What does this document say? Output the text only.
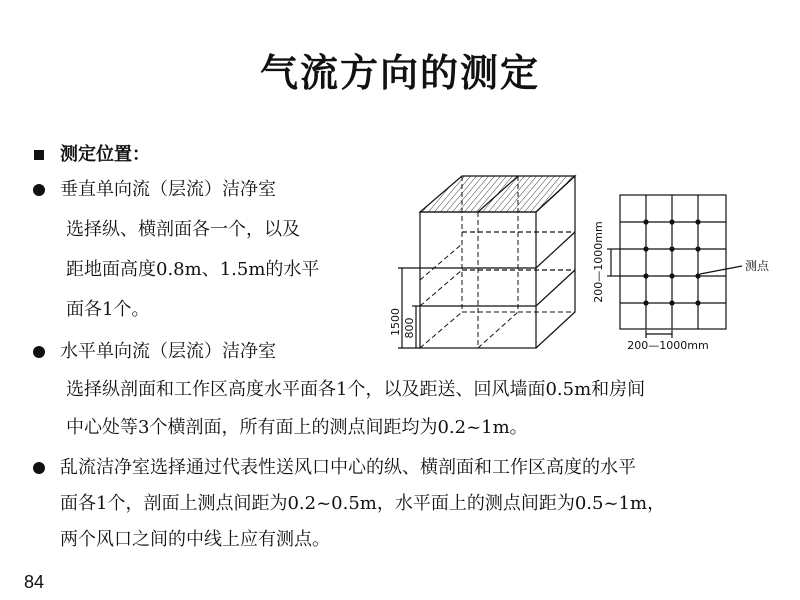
气流方向的测定
测定位置：
垂直单向流（层流）洁净室
选择纵、横剖面各一个，以及
距地面高度0.8m、1.5m的水平
面各1个。
水平单向流（层流）洁净室
选择纵剖面和工作区高度水平面各1个，以及距送、回风墙面0.5m和房间
中心处等3个横剖面，所有面上的测点间距均为0.2~1m。
乱流洁净室选择通过代表性送风口中心的纵、横剖面和工作区高度的水平
面各1个，剖面上测点间距为0.2~0.5m，水平面上的测点间距为0.5~1m，
两个风口之间的中线上应有测点。
84
1500 800
200—1000mm
200—1000mm
测点
